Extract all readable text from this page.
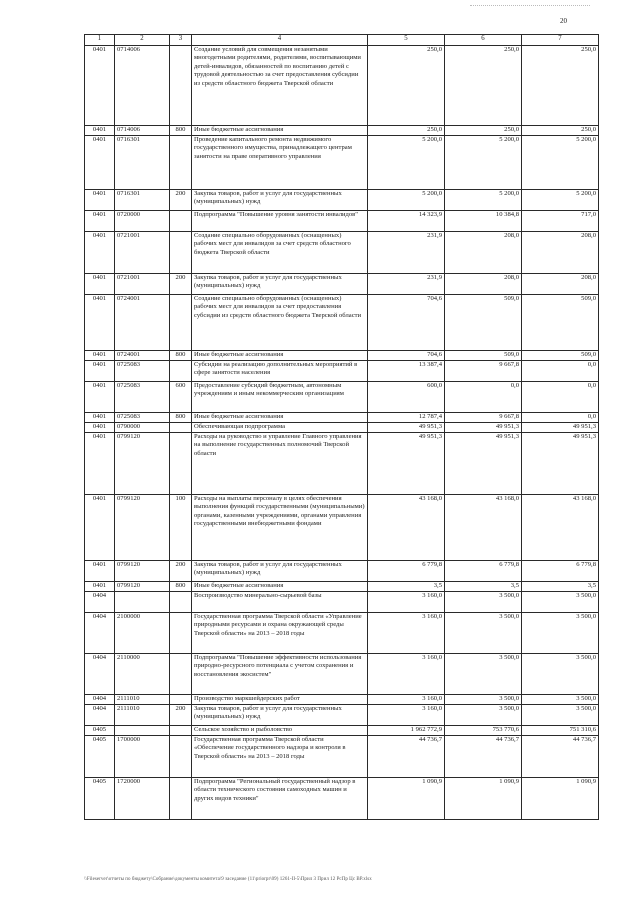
20
1	2	3	4	5	6	7
0401	0714006		Создание условий для совмещения незанятыми многодетными родителями, родителями, воспитывающими детей-инвалидов, обязанностей по воспитанию детей с трудовой деятельностью за счет предоставления субсидии из средств областного бюджета Тверской области	250,0	250,0	250,0
0401	0714006	800	Иные бюджетные ассигнования	250,0	250,0	250,0
0401	0716301		Проведение капитального ремонта недвижимого государственного имущества, принадлежащего центрам занятости на праве оперативного управления	5 200,0	5 200,0	5 200,0
0401	0716301	200	Закупка товаров, работ и услуг для государственных (муниципальных) нужд	5 200,0	5 200,0	5 200,0
0401	0720000		Подпрограмма "Повышение уровня занятости инвалидов"	14 323,9	10 384,8	717,0
0401	0721001		Создание специально оборудованных (оснащенных) рабочих мест для инвалидов за счет средств областного бюджета Тверской области	231,9	208,0	208,0
0401	0721001	200	Закупка товаров, работ и услуг для государственных (муниципальных) нужд	231,9	208,0	208,0
0401	0724001		Создание специально оборудованных (оснащенных) рабочих мест для инвалидов за счет предоставления субсидии из средств областного бюджета Тверской области	704,6	509,0	509,0
0401	0724001	800	Иные бюджетные ассигнования	704,6	509,0	509,0
0401	0725083		Субсидии на реализацию дополнительных мероприятий в сфере занятости населения	13 387,4	9 667,8	0,0
0401	0725083	600	Предоставление субсидий бюджетным, автономным учреждениям и иным некоммерческим организациям	600,0	0,0	0,0
0401	0725083	800	Иные бюджетные ассигнования	12 787,4	9 667,8	0,0
0401	0790000		Обеспечивающая подпрограмма	49 951,3	49 951,3	49 951,3
0401	0799120		Расходы на руководство и управление Главного управления на выполнение государственных полномочий Тверской области	49 951,3	49 951,3	49 951,3
0401	0799120	100	Расходы на выплаты персоналу в целях обеспечения выполнения функций государственными (муниципальными) органами, казенными учреждениями, органами управления государственными внебюджетными фондами	43 168,0	43 168,0	43 168,0
0401	0799120	200	Закупка товаров, работ и услуг для государственных (муниципальных) нужд	6 779,8	6 779,8	6 779,8
0401	0799120	800	Иные бюджетные ассигнования	3,5	3,5	3,5
0404			Воспроизводство минерально-сырьевой базы	3 160,0	3 500,0	3 500,0
0404	2100000		Государственная программа Тверской области «Управление природными ресурсами и охрана окружающей среды Тверской области» на 2013 – 2018 годы	3 160,0	3 500,0	3 500,0
0404	2110000		Подпрограмма "Повышение эффективности использования природно-ресурсного потенциала с учетом сохранения и восстановления экосистем"	3 160,0	3 500,0	3 500,0
0404	2111010		Производство маркшейдерских работ	3 160,0	3 500,0	3 500,0
0404	2111010	200	Закупка товаров, работ и услуг для государственных (муниципальных) нужд	3 160,0	3 500,0	3 500,0
0405			Сельское хозяйство и рыболовство	1 962 772,9	753 770,6	751 310,6
0405	1700000		Государственная программа Тверской области «Обеспечение государственного надзора и контроля в Тверской области» на 2013 – 2018 годы	44 736,7	44 736,7	44 736,7
0405	1720000		Подпрограмма "Региональный государственный надзор в области технического состояния самоходных машин и других видов техники"	1 090,9	1 090,9	1 090,9
\\Fileserver\отчеты по бюджету\Собрание\документы комитета\9 заседание (11\priorpr\09) 1261-II-5\Прил 3 Прил 12 РсПр Цс ВР.xlsx
